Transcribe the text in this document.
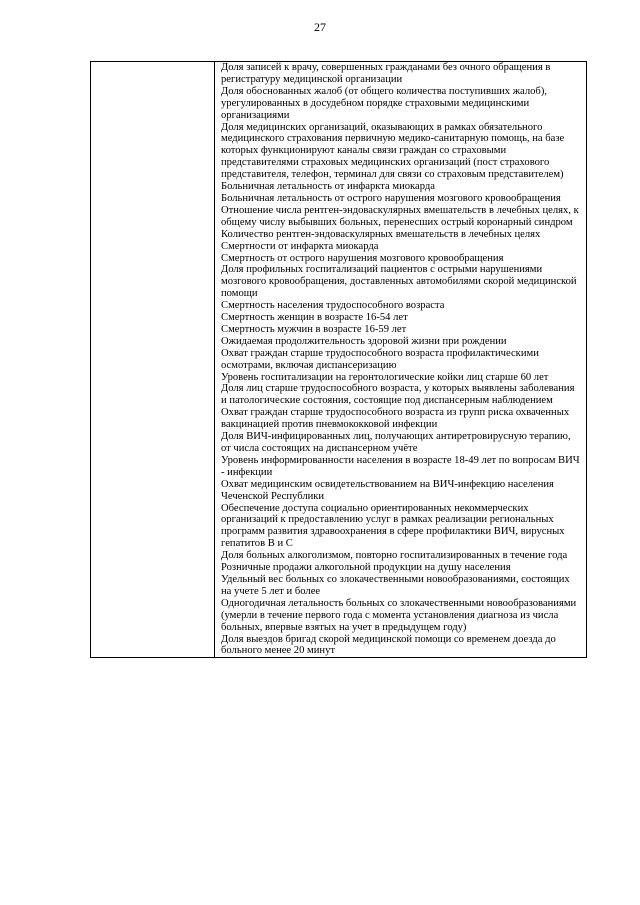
27

Доля записей к врачу, совершенных гражданами без очного обращения в регистратуру медицинской организации

Доля обоснованных жалоб (от общего количества поступивших жалоб), урегулированных в досудебном порядке страховыми медицинскими организациями

Доля медицинских организаций, оказывающих в рамках обязательного медицинского страхования первичную медико-санитарную помощь, на базе которых функционируют каналы связи граждан со страховыми представителями страховых медицинских организаций (пост страхового представителя, телефон, терминал для связи со страховым представителем)

Больничная летальность от инфаркта миокарда

Больничная летальность от острого нарушения мозгового кровообращения

Отношение числа рентген-эндоваскулярных вмешательств в лечебных целях, к общему числу выбывших больных, перенесших острый коронарный синдром

Количество рентген-эндоваскулярных вмешательств в лечебных целях

Смертности от инфаркта миокарда

Смертность от острого нарушения мозгового кровообращения

Доля профильных госпитализаций пациентов с острыми нарушениями мозгового кровообращения, доставленных автомобилями скорой медицинской помощи

Смертность населения трудоспособного возраста

Смертность женщин в возрасте 16-54 лет

Смертность мужчин в возрасте 16-59 лет

Ожидаемая продолжительность здоровой жизни при рождении

Охват граждан старше трудоспособного возраста профилактическими осмотрами, включая диспансеризацию

Уровень госпитализации на геронтологические койки лиц старше 60 лет

Доля лиц старше трудоспособного возраста, у которых выявлены заболевания и патологические состояния, состоящие под диспансерным наблюдением

Охват граждан старше трудоспособного возраста из групп риска охваченных вакцинацией против пневмококковой инфекции

Доля ВИЧ-инфицированных лиц, получающих антиретровирусную терапию, от числа состоящих на диспансерном учёте

Уровень информированности населения в возрасте 18-49 лет по вопросам ВИЧ - инфекции

Охват медицинским освидетельствованием на ВИЧ-инфекцию населения Чеченской Республики

Обеспечение доступа социально ориентированных некоммерческих организаций к предоставлению услуг в рамках реализации региональных программ развития здравоохранения в сфере профилактики ВИЧ, вирусных гепатитов В и С

Доля больных алкоголизмом, повторно госпитализированных в течение года

Розничные продажи алкогольной продукции на душу населения

Удельный вес больных со злокачественными новообразованиями, состоящих на учете 5 лет и более

Одногодичная летальность больных со злокачественными новообразованиями (умерли в течение первого года с момента установления диагноза из числа больных, впервые взятых на учет в предыдущем году)

Доля выездов бригад скорой медицинской помощи со временем доезда до больного менее 20 минут
